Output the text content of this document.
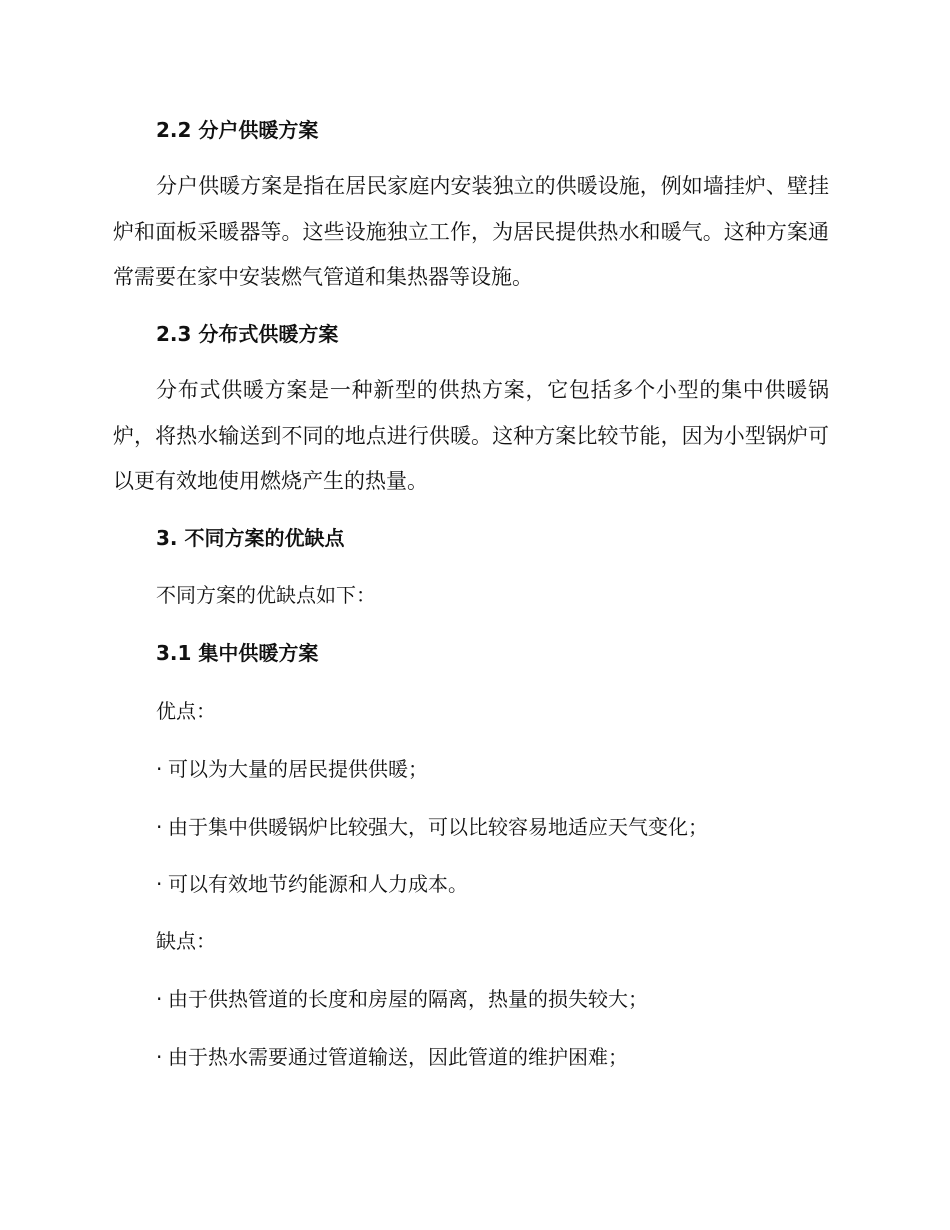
2.2 分户供暖方案
分户供暖方案是指在居民家庭内安装独立的供暖设施，例如墙挂炉、壁挂炉和面板采暖器等。这些设施独立工作，为居民提供热水和暖气。这种方案通常需要在家中安装燃气管道和集热器等设施。
2.3 分布式供暖方案
分布式供暖方案是一种新型的供热方案，它包括多个小型的集中供暖锅炉，将热水输送到不同的地点进行供暖。这种方案比较节能，因为小型锅炉可以更有效地使用燃烧产生的热量。
3. 不同方案的优缺点
不同方案的优缺点如下：
3.1 集中供暖方案
优点：
· 可以为大量的居民提供供暖；
· 由于集中供暖锅炉比较强大，可以比较容易地适应天气变化；
· 可以有效地节约能源和人力成本。
缺点：
· 由于供热管道的长度和房屋的隔离，热量的损失较大；
· 由于热水需要通过管道输送，因此管道的维护困难；
